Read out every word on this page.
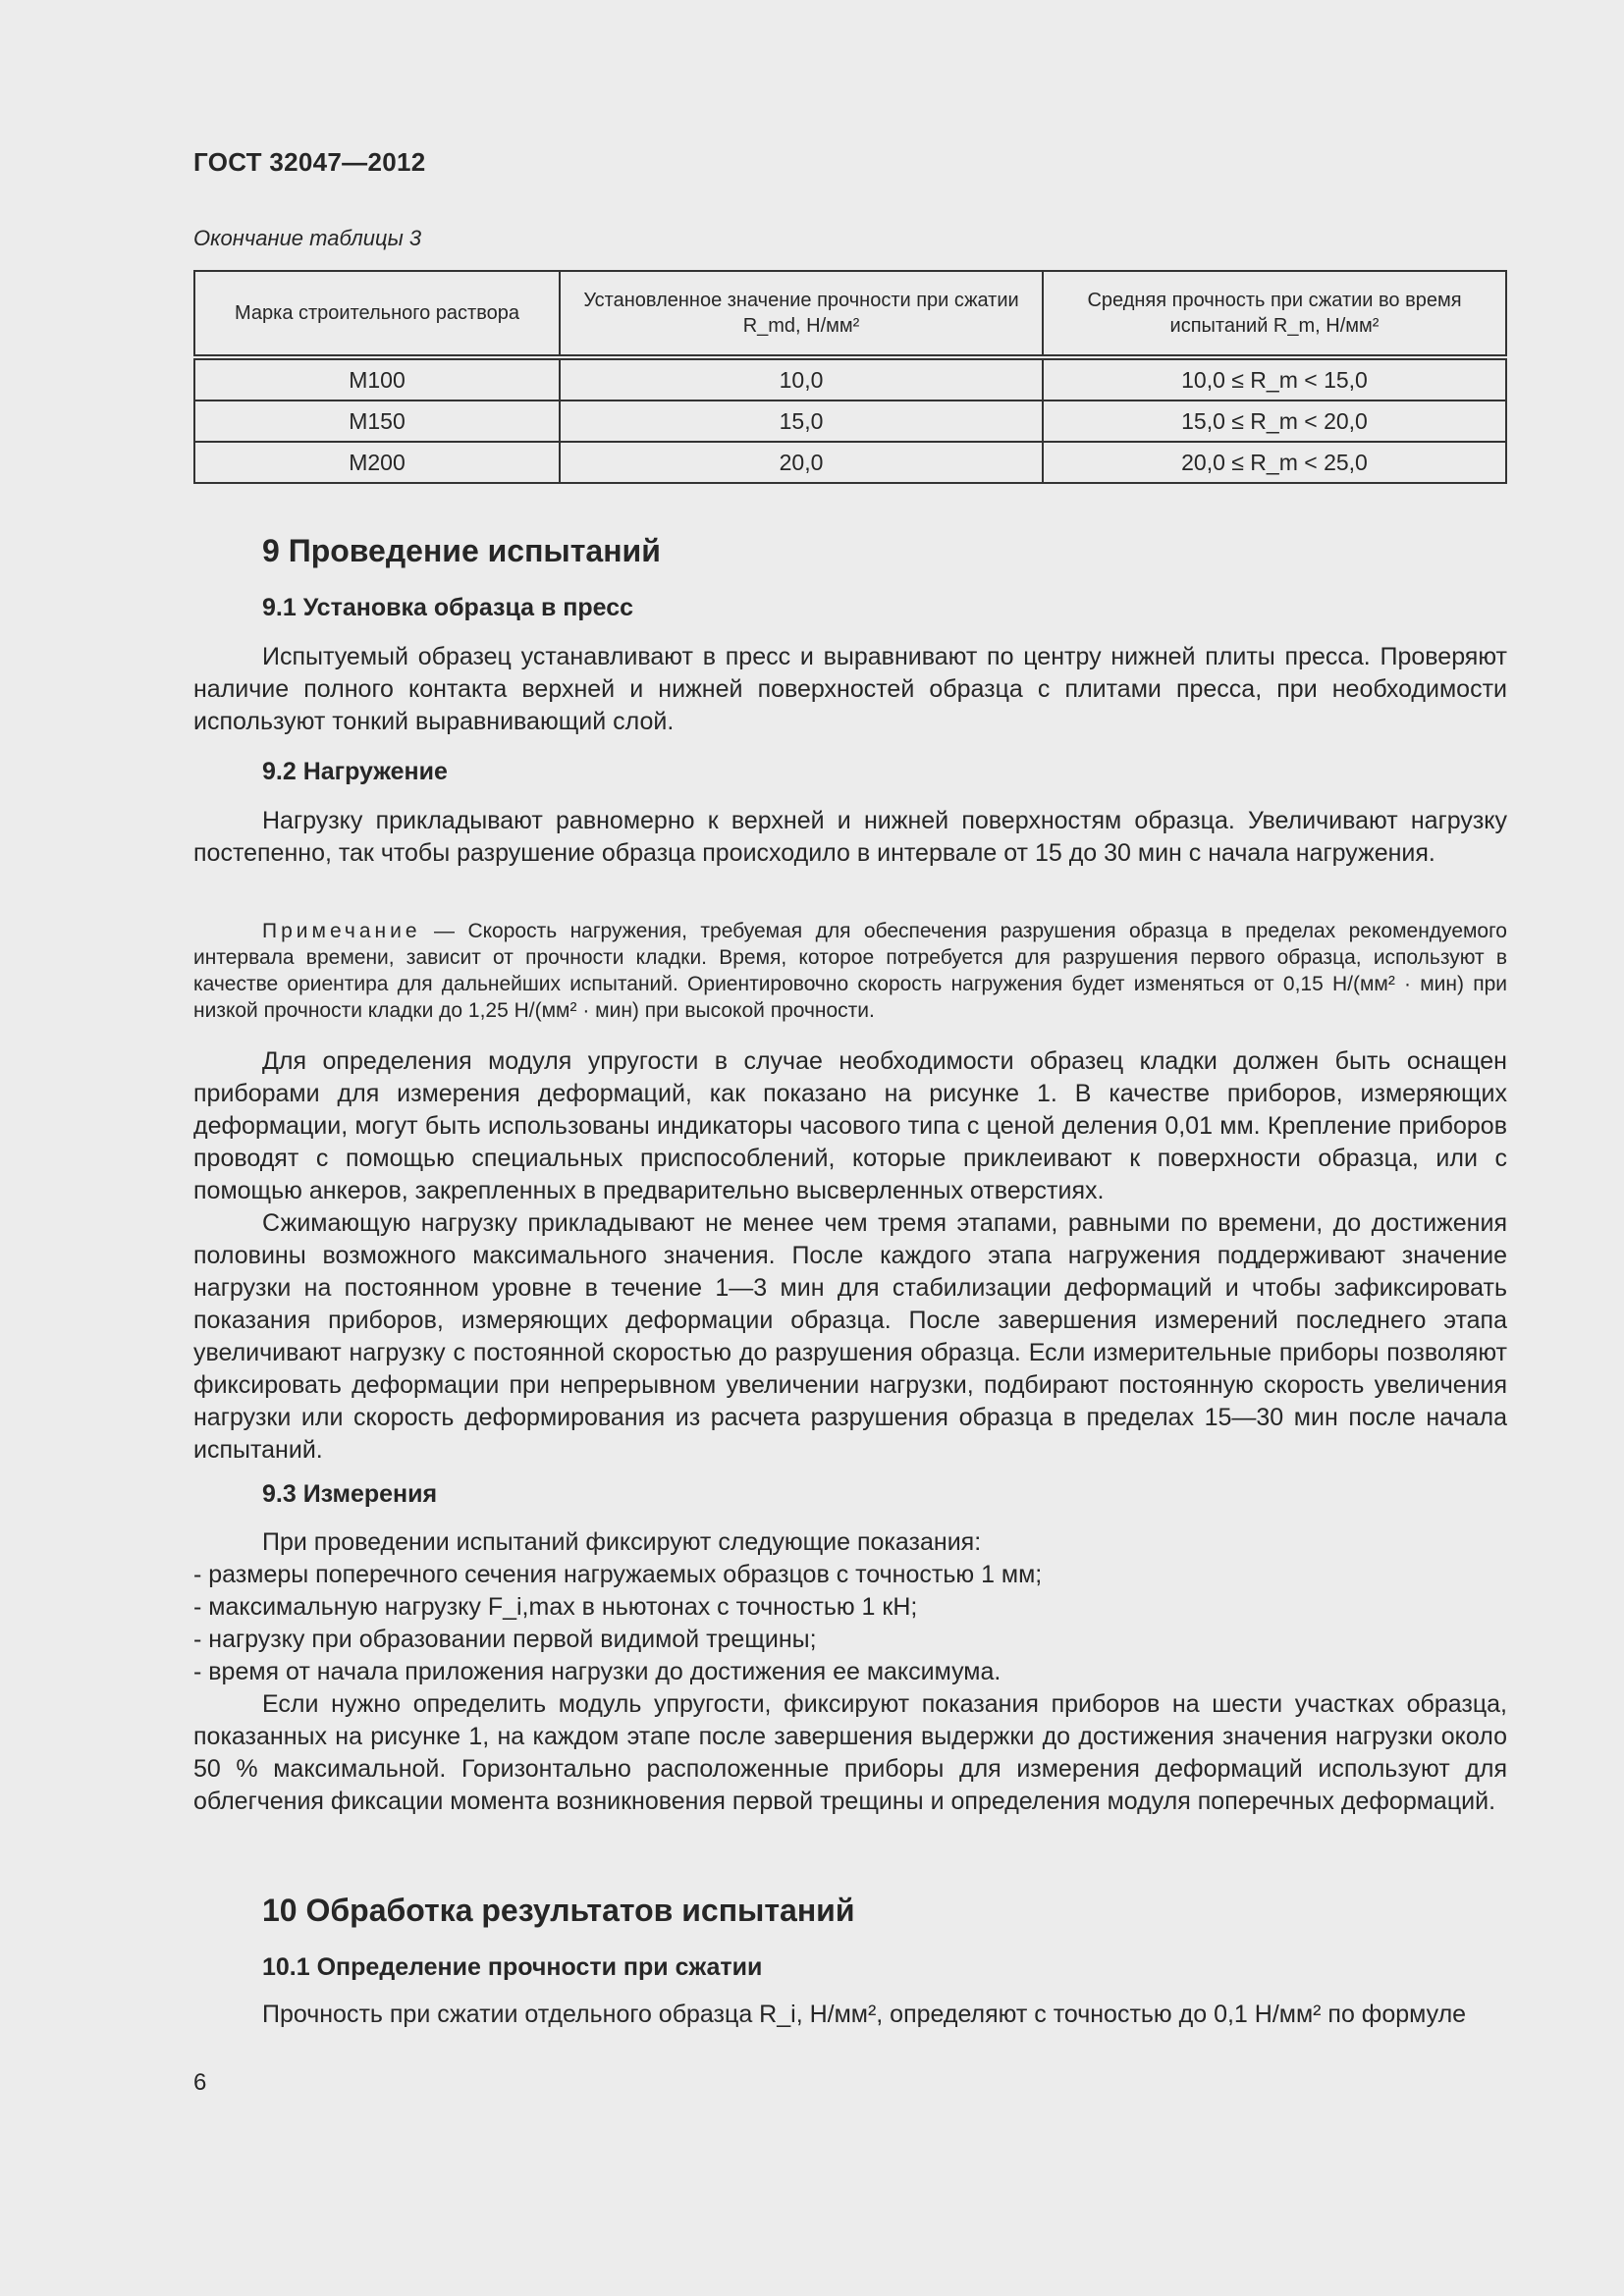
ГОСТ 32047—2012
Окончание таблицы 3
Марка строительного раствора	Установленное значение прочности при сжатии R_md, Н/мм²	Средняя прочность при сжатии во время испытаний R_m, Н/мм²
М100	10,0	10,0 ≤ R_m < 15,0
М150	15,0	15,0 ≤ R_m < 20,0
М200	20,0	20,0 ≤ R_m < 25,0
9 Проведение испытаний
9.1 Установка образца в пресс

Испытуемый образец устанавливают в пресс и выравнивают по центру нижней плиты пресса. Проверяют наличие полного контакта верхней и нижней поверхностей образца с плитами пресса, при необходимости используют тонкий выравнивающий слой.

9.2 Нагружение

Нагрузку прикладывают равномерно к верхней и нижней поверхностям образца. Увеличивают нагрузку постепенно, так чтобы разрушение образца происходило в интервале от 15 до 30 мин с начала нагружения.

Примечание — Скорость нагружения, требуемая для обеспечения разрушения образца в пределах рекомендуемого интервала времени, зависит от прочности кладки. Время, которое потребуется для разрушения первого образца, используют в качестве ориентира для дальнейших испытаний. Ориентировочно скорость нагружения будет изменяться от 0,15 Н/(мм² · мин) при низкой прочности кладки до 1,25 Н/(мм² · мин) при высокой прочности.

Для определения модуля упругости в случае необходимости образец кладки должен быть оснащен приборами для измерения деформаций, как показано на рисунке 1. В качестве приборов, измеряющих деформации, могут быть использованы индикаторы часового типа с ценой деления 0,01 мм. Крепление приборов проводят с помощью специальных приспособлений, которые приклеивают к поверхности образца, или с помощью анкеров, закрепленных в предварительно высверленных отверстиях.

Сжимающую нагрузку прикладывают не менее чем тремя этапами, равными по времени, до достижения половины возможного максимального значения. После каждого этапа нагружения поддерживают значение нагрузки на постоянном уровне в течение 1—3 мин для стабилизации деформаций и чтобы зафиксировать показания приборов, измеряющих деформации образца. После завершения измерений последнего этапа увеличивают нагрузку с постоянной скоростью до разрушения образца. Если измерительные приборы позволяют фиксировать деформации при непрерывном увеличении нагрузки, подбирают постоянную скорость увеличения нагрузки или скорость деформирования из расчета разрушения образца в пределах 15—30 мин после начала испытаний.

9.3 Измерения
При проведении испытаний фиксируют следующие показания:
- размеры поперечного сечения нагружаемых образцов с точностью 1 мм;
- максимальную нагрузку F_i,max в ньютонах с точностью 1 кН;
- нагрузку при образовании первой видимой трещины;
- время от начала приложения нагрузки до достижения ее максимума.

Если нужно определить модуль упругости, фиксируют показания приборов на шести участках образца, показанных на рисунке 1, на каждом этапе после завершения выдержки до достижения значения нагрузки около 50 % максимальной. Горизонтально расположенные приборы для измерения деформаций используют для облегчения фиксации момента возникновения первой трещины и определения модуля поперечных деформаций.

10 Обработка результатов испытаний
10.1 Определение прочности при сжатии

Прочность при сжатии отдельного образца R_i, Н/мм², определяют с точностью до 0,1 Н/мм² по формуле

6
